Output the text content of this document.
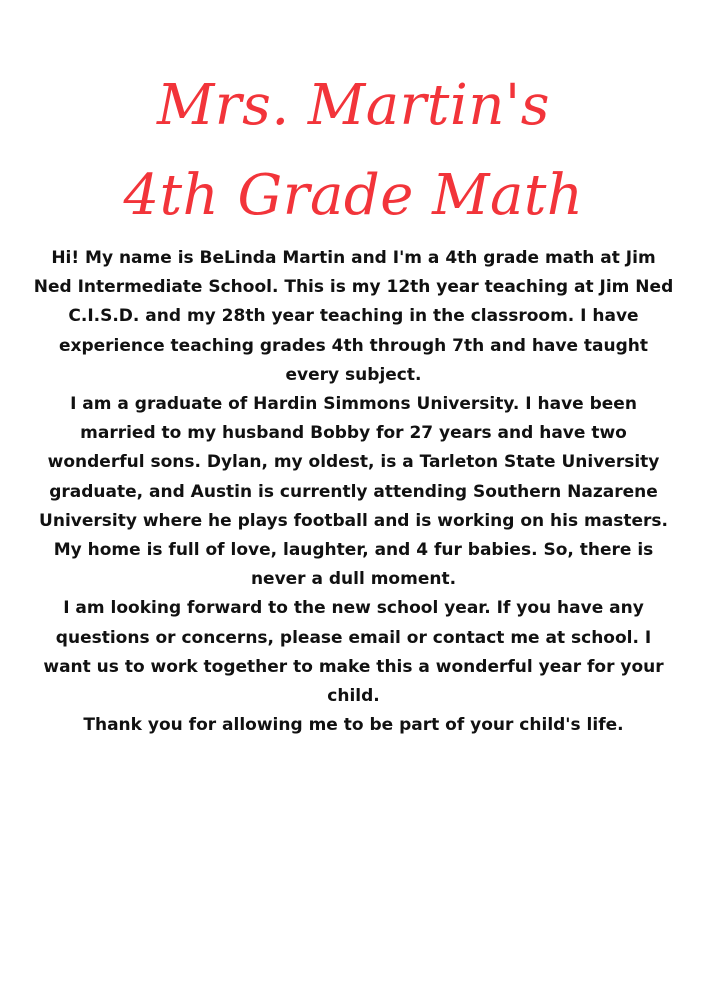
Mrs. Martin's
4th Grade Math

Hi! My name is BeLinda Martin and I'm a 4th grade math at Jim Ned Intermediate School. This is my 12th year teaching at Jim Ned C.I.S.D. and my 28th year teaching in the classroom. I have experience teaching grades 4th through 7th and have taught every subject.

I am a graduate of Hardin Simmons University. I have been married to my husband Bobby for 27 years and have two wonderful sons. Dylan, my oldest, is a Tarleton State University graduate, and Austin is currently attending Southern Nazarene University where he plays football and is working on his masters. My home is full of love, laughter, and 4 fur babies. So, there is never a dull moment.

I am looking forward to the new school year. If you have any questions or concerns, please email or contact me at school. I want us to work together to make this a wonderful year for your child.

Thank you for allowing me to be part of your child's life.
